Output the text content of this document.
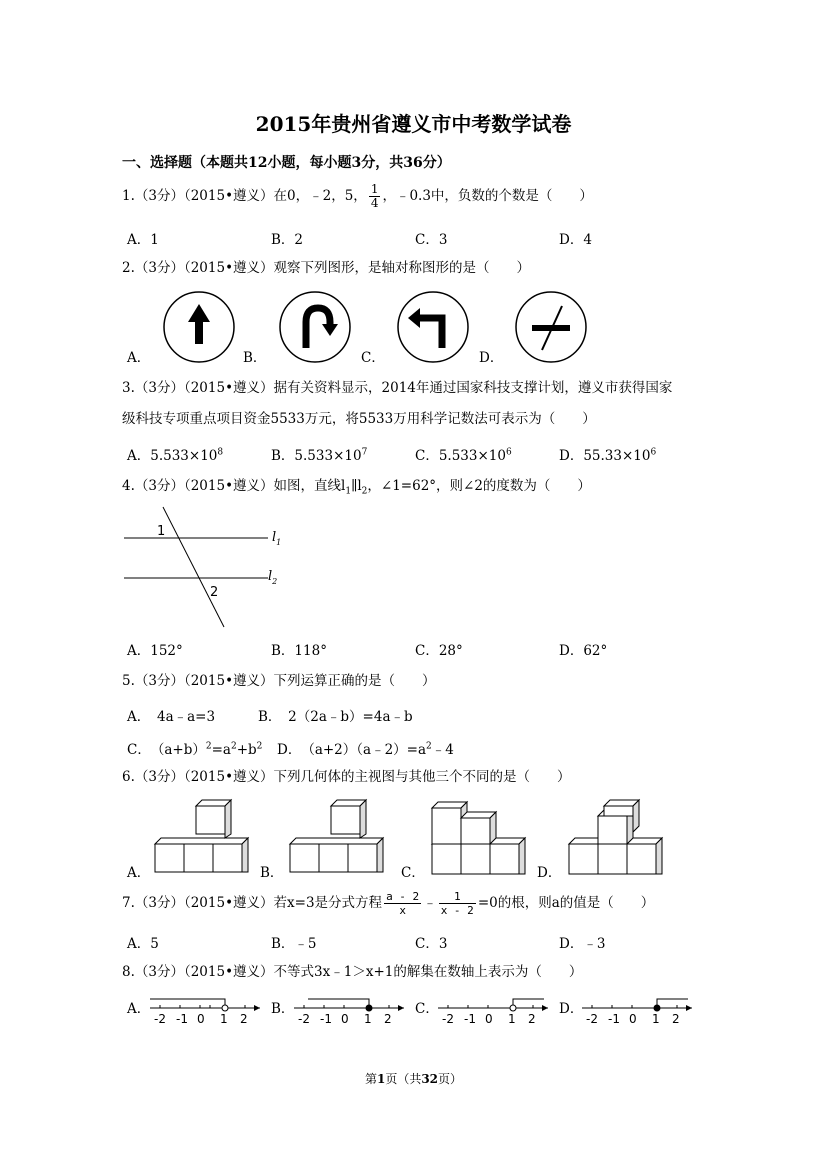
2015年贵州省遵义市中考数学试卷
一、选择题（本题共12小题，每小题3分，共36分）
1.（3分）（2015•遵义）在0，﹣2，5， $\frac{1}{4}$ ，﹣0.3中，负数的个数是（　　）
A．1	B．2	C．3	D．4
2.（3分）（2015•遵义）观察下列图形，是轴对称图形的是（　　）
A．	B．	C．	D．
3.（3分）（2015•遵义）据有关资料显示，2014年通过国家科技支撑计划，遵义市获得国家
级科技专项重点项目资金5533万元，将5533万用科学记数法可表示为（　　）
A．$5.533\times 10^8$	B．$5.533\times 10^7$	C．$5.533\times 10^6$	D．$55.33\times 10^6$
4.（3分）（2015•遵义）如图，直线$l_1\parallel l_2$，∠1=62°，则∠2的度数为（　　）
1
2
$l_1$
$l_2$
A．152°	B．118°	C．28°	D．62°
5.（3分）（2015•遵义）下列运算正确的是（　　）
A．　4a﹣a=3	B．　2（2a﹣b）=4a﹣b
C．　$(a+b)^2=a^2+b^2$ D．　$(a+2)(a﹣2)=a^2﹣4$
6.（3分）（2015•遵义）下列几何体的主视图与其他三个不同的是（　　）
A．	B．	C．	D．
7.（3分）（2015•遵义）若x=3是分式方程 $\frac{a - 2}{x}$ ﹣ $\frac{1}{x - 2} =0$的根，则a的值是（　　）
A．5	B．﹣5	C．3	D．﹣3
8.（3分）（2015•遵义）不等式3x﹣1＞x+1的解集在数轴上表示为（　　）
A．	B．	C．	D．
-2 -1 0 1 2	-2 -1 0 1 2	-2 -1 0 1 2	-2 -1 0 1 2
第1页（共32页）
